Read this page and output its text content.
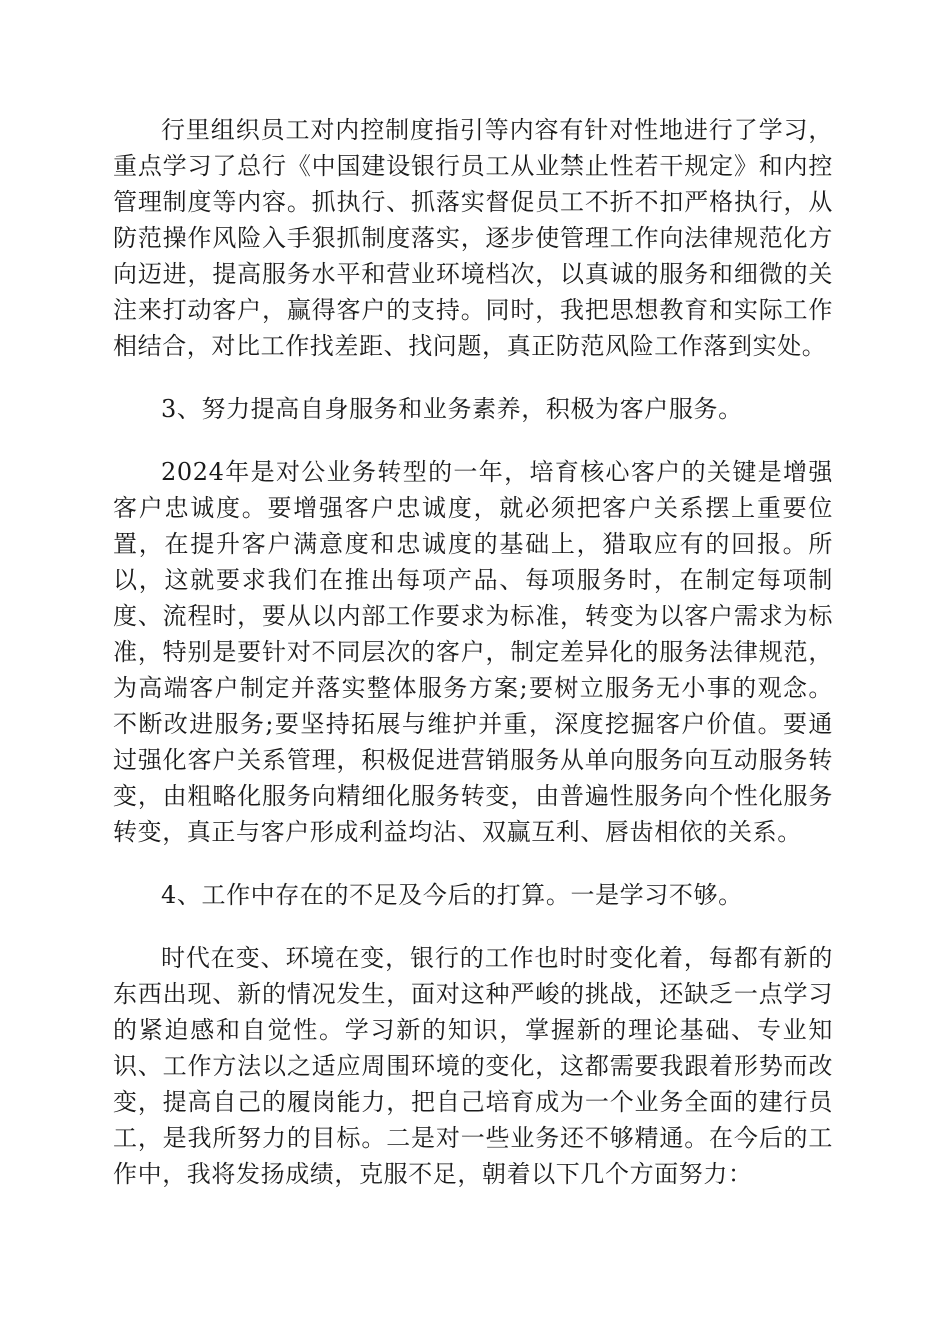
行里组织员工对内控制度指引等内容有针对性地进行了学习，重点学习了总行《中国建设银行员工从业禁止性若干规定》和内控管理制度等内容。抓执行、抓落实督促员工不折不扣严格执行，从防范操作风险入手狠抓制度落实，逐步使管理工作向法律规范化方向迈进，提高服务水平和营业环境档次，以真诚的服务和细微的关注来打动客户，赢得客户的支持。同时，我把思想教育和实际工作相结合，对比工作找差距、找问题，真正防范风险工作落到实处。

3、努力提高自身服务和业务素养，积极为客户服务。

2024年是对公业务转型的一年，培育核心客户的关键是增强客户忠诚度。要增强客户忠诚度，就必须把客户关系摆上重要位置，在提升客户满意度和忠诚度的基础上，猎取应有的回报。所以，这就要求我们在推出每项产品、每项服务时，在制定每项制度、流程时，要从以内部工作要求为标准，转变为以客户需求为标准，特别是要针对不同层次的客户，制定差异化的服务法律规范，为高端客户制定并落实整体服务方案;要树立服务无小事的观念。不断改进服务;要坚持拓展与维护并重，深度挖掘客户价值。要通过强化客户关系管理，积极促进营销服务从单向服务向互动服务转变，由粗略化服务向精细化服务转变，由普遍性服务向个性化服务转变，真正与客户形成利益均沾、双赢互利、唇齿相依的关系。

4、工作中存在的不足及今后的打算。一是学习不够。

时代在变、环境在变，银行的工作也时时变化着，每都有新的东西出现、新的情况发生，面对这种严峻的挑战，还缺乏一点学习的紧迫感和自觉性。学习新的知识，掌握新的理论基础、专业知识、工作方法以之适应周围环境的变化，这都需要我跟着形势而改变，提高自己的履岗能力，把自己培育成为一个业务全面的建行员工，是我所努力的目标。二是对一些业务还不够精通。在今后的工作中，我将发扬成绩，克服不足，朝着以下几个方面努力：
